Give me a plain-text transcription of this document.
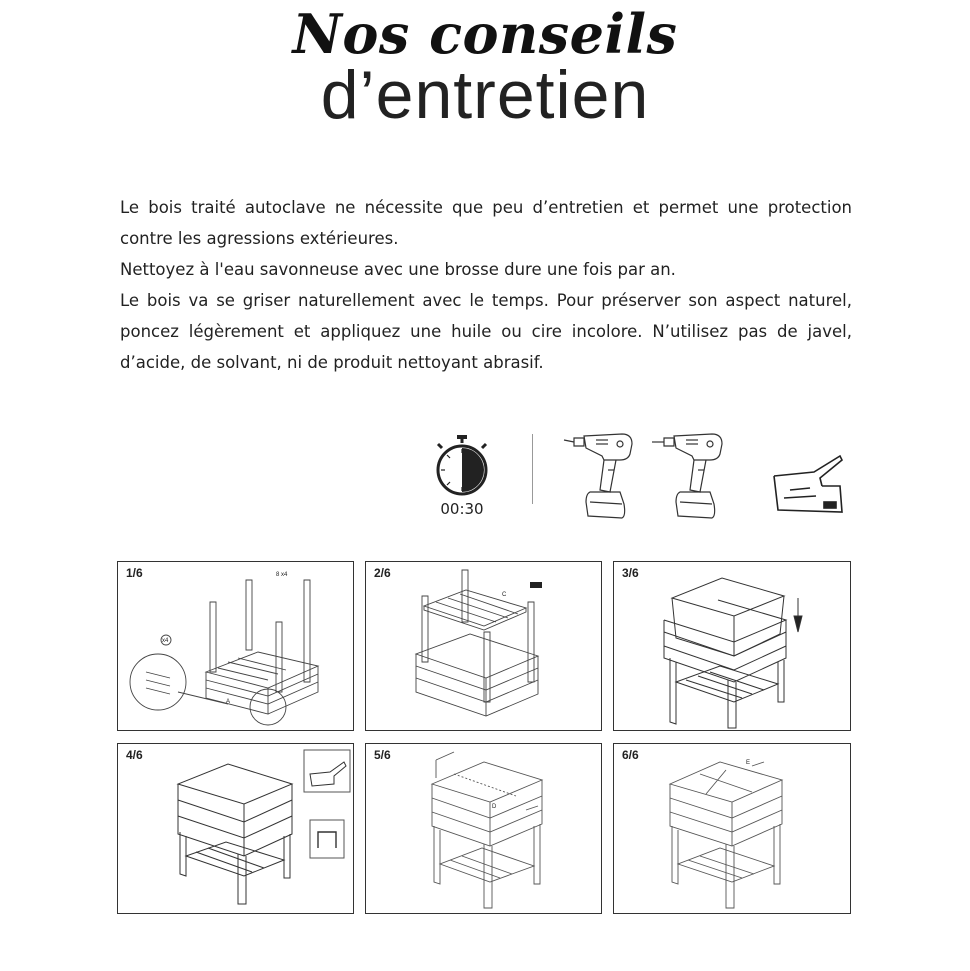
Nos conseils
d’entretien

Le bois traité autoclave ne nécessite que peu d’entretien et permet une protection contre les agressions extérieures.

Nettoyez à l'eau savonneuse avec une brosse dure une fois par an.

Le bois va se griser naturellement avec le temps. Pour préserver son aspect naturel, poncez légèrement et appliquez une huile ou cire incolore. N’utilisez pas de javel, d’acide, de solvant, ni de produit nettoyant abrasif.

00:30
1/6	8 x4
A
x4
2/6
C
3/6
4/6	5/6
D
6/6
E
